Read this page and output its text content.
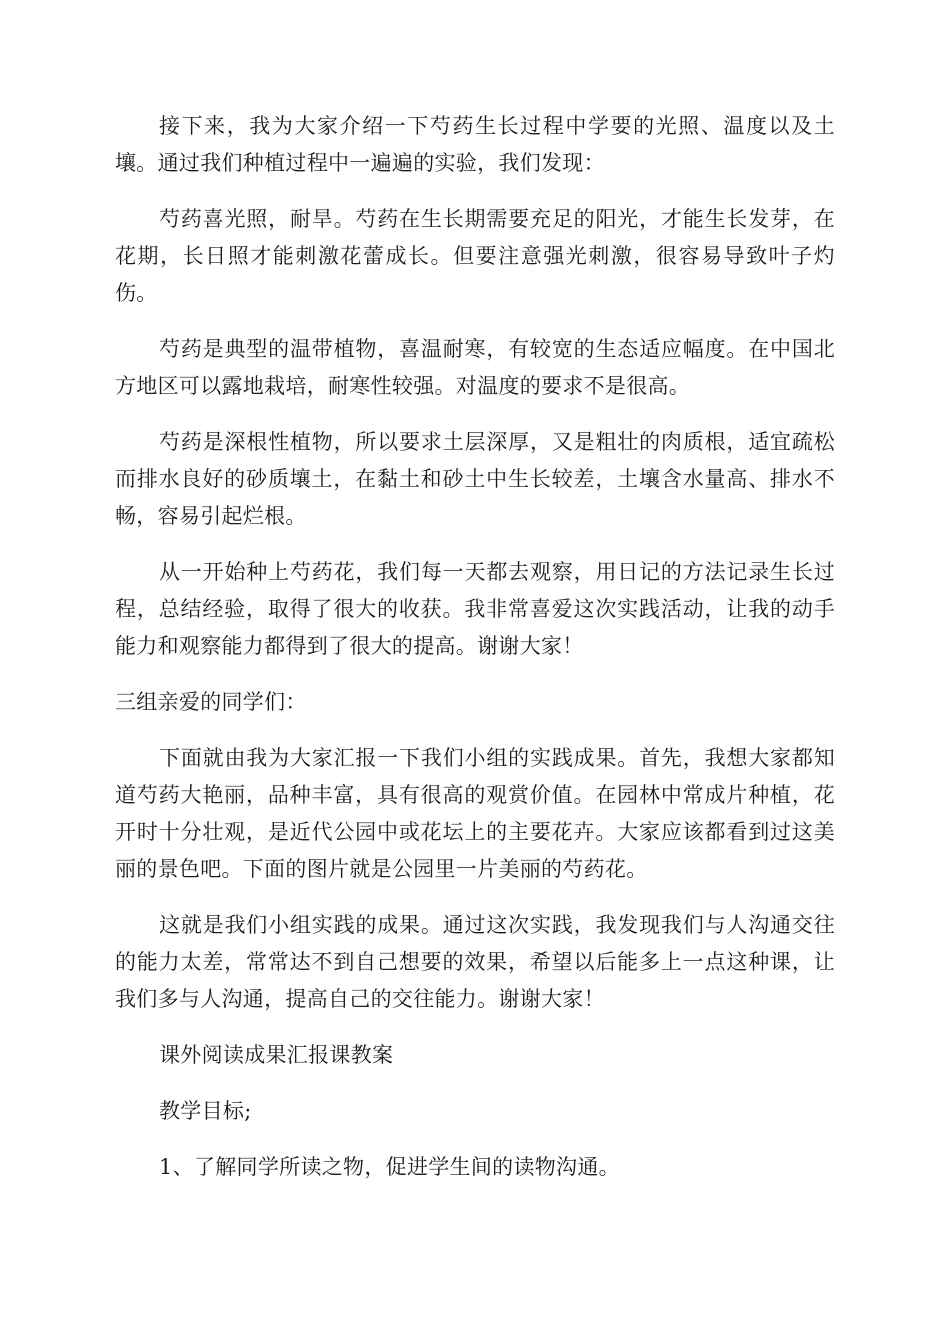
接下来，我为大家介绍一下芍药生长过程中学要的光照、温度以及土壤。通过我们种植过程中一遍遍的实验，我们发现：

芍药喜光照，耐旱。芍药在生长期需要充足的阳光，才能生长发芽，在花期，长日照才能刺激花蕾成长。但要注意强光刺激，很容易导致叶子灼伤。

芍药是典型的温带植物，喜温耐寒，有较宽的生态适应幅度。在中国北方地区可以露地栽培，耐寒性较强。对温度的要求不是很高。

芍药是深根性植物，所以要求土层深厚，又是粗壮的肉质根，适宜疏松而排水良好的砂质壤土，在黏土和砂土中生长较差，土壤含水量高、排水不畅，容易引起烂根。

从一开始种上芍药花，我们每一天都去观察，用日记的方法记录生长过程，总结经验，取得了很大的收获。我非常喜爱这次实践活动，让我的动手能力和观察能力都得到了很大的提高。谢谢大家！

三组亲爱的同学们：

下面就由我为大家汇报一下我们小组的实践成果。首先，我想大家都知道芍药大艳丽，品种丰富，具有很高的观赏价值。在园林中常成片种植，花开时十分壮观，是近代公园中或花坛上的主要花卉。大家应该都看到过这美丽的景色吧。下面的图片就是公园里一片美丽的芍药花。

这就是我们小组实践的成果。通过这次实践，我发现我们与人沟通交往的能力太差，常常达不到自己想要的效果，希望以后能多上一点这种课，让我们多与人沟通，提高自己的交往能力。谢谢大家！

课外阅读成果汇报课教案

教学目标;

1、了解同学所读之物，促进学生间的读物沟通。
